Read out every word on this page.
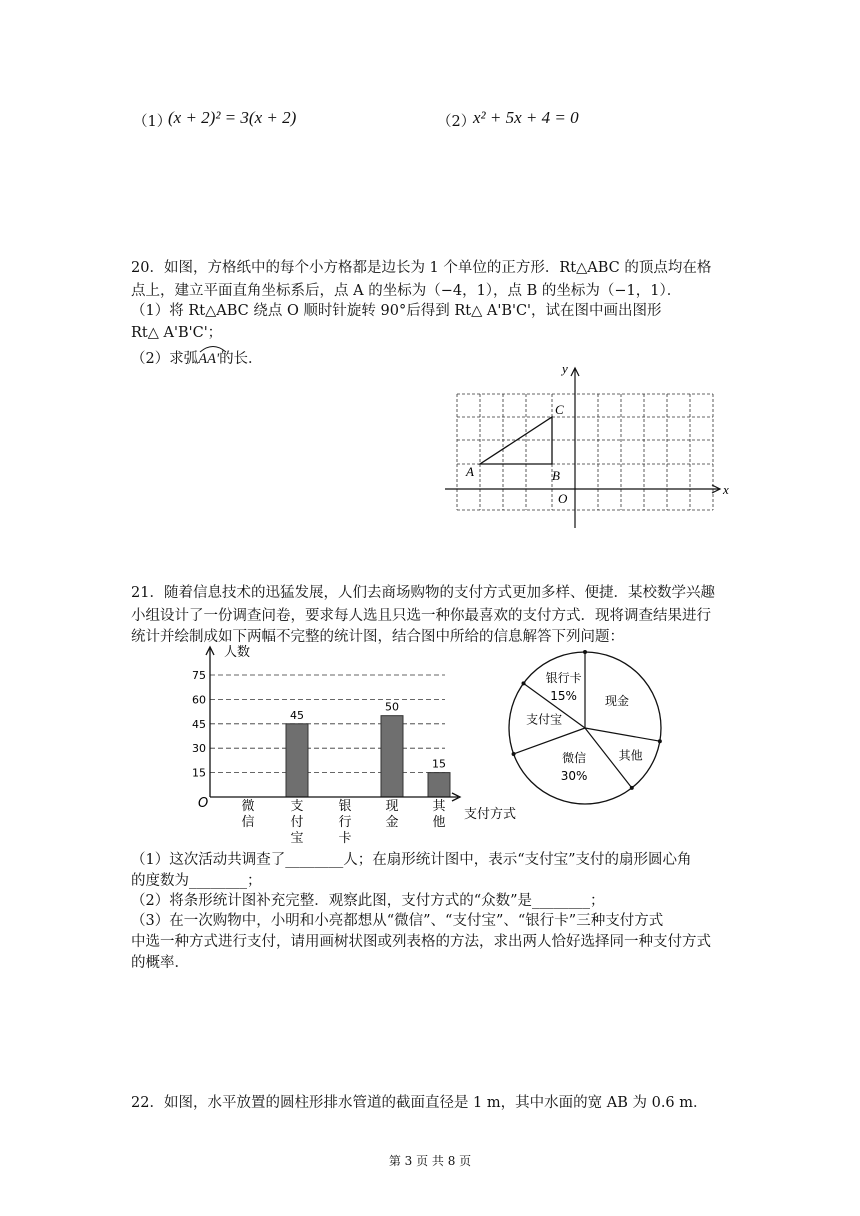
（1）
(x + 2)² = 3(x + 2)	（2）
x² + 5x + 4 = 0
20．如图，方格纸中的每个小方格都是边长为 1 个单位的正方形．Rt△ABC 的顶点均在格
点上，建立平面直角坐标系后，点 A 的坐标为（−4，1），点 B 的坐标为（−1，1）．
（1）将 Rt△ABC 绕点 O 顺时针旋转 90°后得到 Rt△ A'B'C'，试在图中画出图形
Rt△ A'B'C'；
（2）求弧
AA'的长．
x
y
O
A	B
C
21．随着信息技术的迅猛发展，人们去商场购物的支付方式更加多样、便捷．某校数学兴趣
小组设计了一份调查问卷，要求每人选且只选一种你最喜欢的支付方式．现将调查结果进行
统计并绘制成如下两幅不完整的统计图，结合图中所给的信息解答下列问题：
15
30
45
60
75
微
信
45
支
付
宝
银
行
卡
50
现
金
15
其
他
人数
支付方式
O
银行卡
15% 现金
其他
微信
30%
支付宝
（1）这次活动共调查了________人；在扇形统计图中，表示“支付宝”支付的扇形圆心角
的度数为________；
（2）将条形统计图补充完整．观察此图，支付方式的“众数”是________；
（3）在一次购物中，小明和小亮都想从“微信”、“支付宝”、“银行卡”三种支付方式
中选一种方式进行支付，请用画树状图或列表格的方法，求出两人恰好选择同一种支付方式
的概率．
22．如图，水平放置的圆柱形排水管道的截面直径是 1 m，其中水面的宽 AB 为 0.6 m．
第 3 页 共 8 页
